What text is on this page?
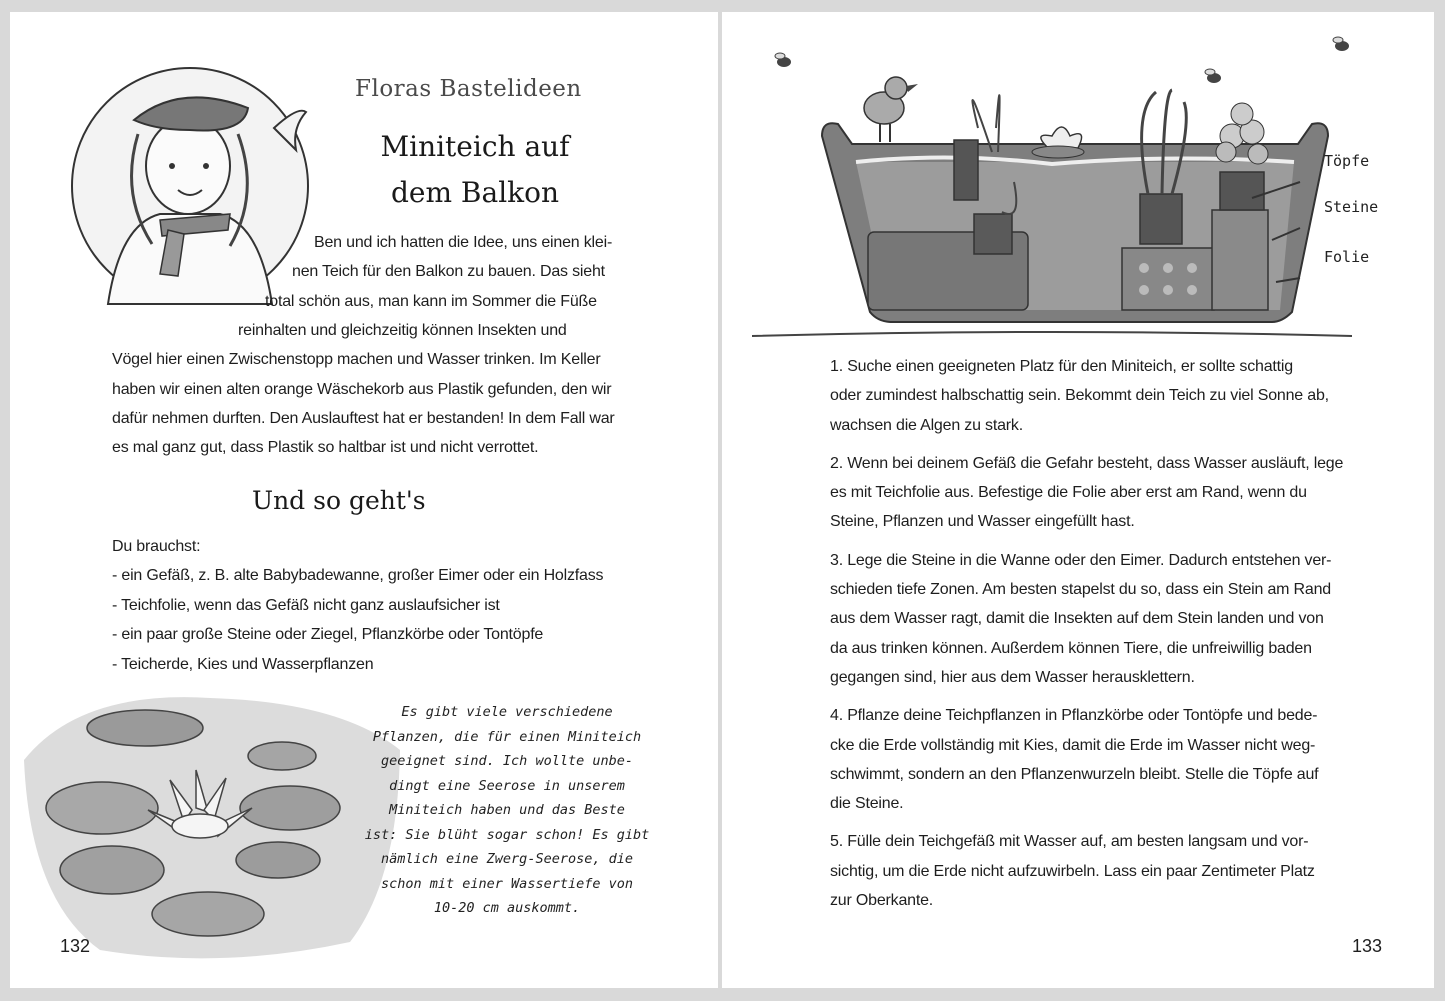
Floras Bastelideen
Miniteich auf
dem Balkon
Ben und ich hatten die Idee, uns einen klei-
nen Teich für den Balkon zu bauen. Das sieht
total schön aus, man kann im Sommer die Füße
reinhalten und gleichzeitig können Insekten und
Vögel hier einen Zwischenstopp machen und Wasser trinken. Im Keller
haben wir einen alten orange Wäschekorb aus Plastik gefunden, den wir
dafür nehmen durften. Den Auslauftest hat er bestanden! In dem Fall war
es mal ganz gut, dass Plastik so haltbar ist und nicht verrottet.
Und so geht's
Du brauchst:
- ein Gefäß, z. B. alte Babybadewanne, großer Eimer oder ein Holzfass
- Teichfolie, wenn das Gefäß nicht ganz auslaufsicher ist
- ein paar große Steine oder Ziegel, Pflanzkörbe oder Tontöpfe
- Teicherde, Kies und Wasserpflanzen
Es gibt viele verschiedene
Pflanzen, die für einen Miniteich
geeignet sind. Ich wollte unbe-
dingt eine Seerose in unserem
Miniteich haben und das Beste
ist: Sie blüht sogar schon! Es gibt
nämlich eine Zwerg-Seerose, die
schon mit einer Wassertiefe von
10-20 cm auskommt.
132
Töpfe
Steine
Folie

1. Suche einen geeigneten Platz für den Miniteich, er sollte schattig
oder zumindest halbschattig sein. Bekommt dein Teich zu viel Sonne ab,
wachsen die Algen zu stark.

2. Wenn bei deinem Gefäß die Gefahr besteht, dass Wasser ausläuft, lege
es mit Teichfolie aus. Befestige die Folie aber erst am Rand, wenn du
Steine, Pflanzen und Wasser eingefüllt hast.

3. Lege die Steine in die Wanne oder den Eimer. Dadurch entstehen ver-
schieden tiefe Zonen. Am besten stapelst du so, dass ein Stein am Rand
aus dem Wasser ragt, damit die Insekten auf dem Stein landen und von
da aus trinken können. Außerdem können Tiere, die unfreiwillig baden
gegangen sind, hier aus dem Wasser herausklettern.

4. Pflanze deine Teichpflanzen in Pflanzkörbe oder Tontöpfe und bede-
cke die Erde vollständig mit Kies, damit die Erde im Wasser nicht weg-
schwimmt, sondern an den Pflanzenwurzeln bleibt. Stelle die Töpfe auf
die Steine.

5. Fülle dein Teichgefäß mit Wasser auf, am besten langsam und vor-
sichtig, um die Erde nicht aufzuwirbeln. Lass ein paar Zentimeter Platz
zur Oberkante.

133
